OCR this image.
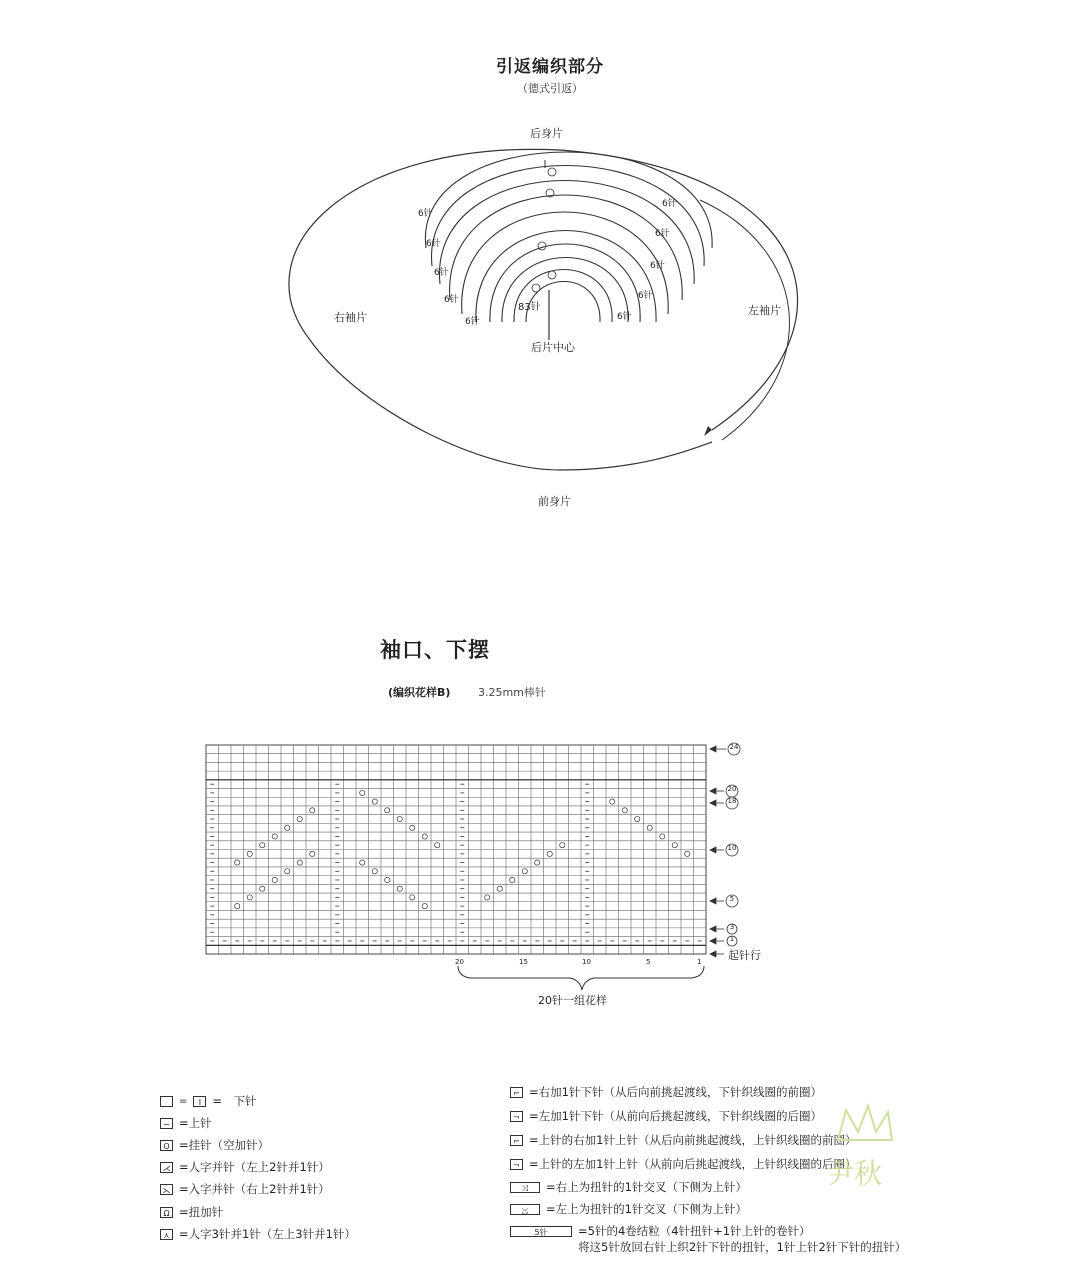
引返编织部分
（德式引返）
后身片
前身片
右袖片
左袖片
后片中心
83针
6针
6针
6针
6针
6针
6针
6针
6针
6针
6针
袖口、下摆
(编织花样B)	3.25mm棒针
24
20
18
10
5
3
1
起针行
20	15	10	5	1
20针一组花样
=	I =　下针
− =上针
O =挂针（空加针）
⋌ =人字并针（左上2针并1针）
⋋ =入字并针（右上2针并1针）
Ω =扭加针
⋏ =人字3针并1针（左上3针并1针）
⌐ =右加1针下针（从后向前挑起渡线，下针织线圈的前圈）
¬ =左加1针下针（从前向后挑起渡线，下针织线圈的后圈）
⌐ =上针的右加1针上针（从后向前挑起渡线，上针织线圈的前圈）
¬ =上针的左加1针上针（从前向后挑起渡线，上针织线圈的后圈）
⤨	=右上为扭针的1针交叉（下侧为上针）
⤩	=左上为扭针的1针交叉（下侧为上针）
5针	=5针的4卷结粒（4针扭针+1针上针的卷针）
将这5针放回右针上织2针下针的扭针，1针上针2针下针的扭针）
尹秋
